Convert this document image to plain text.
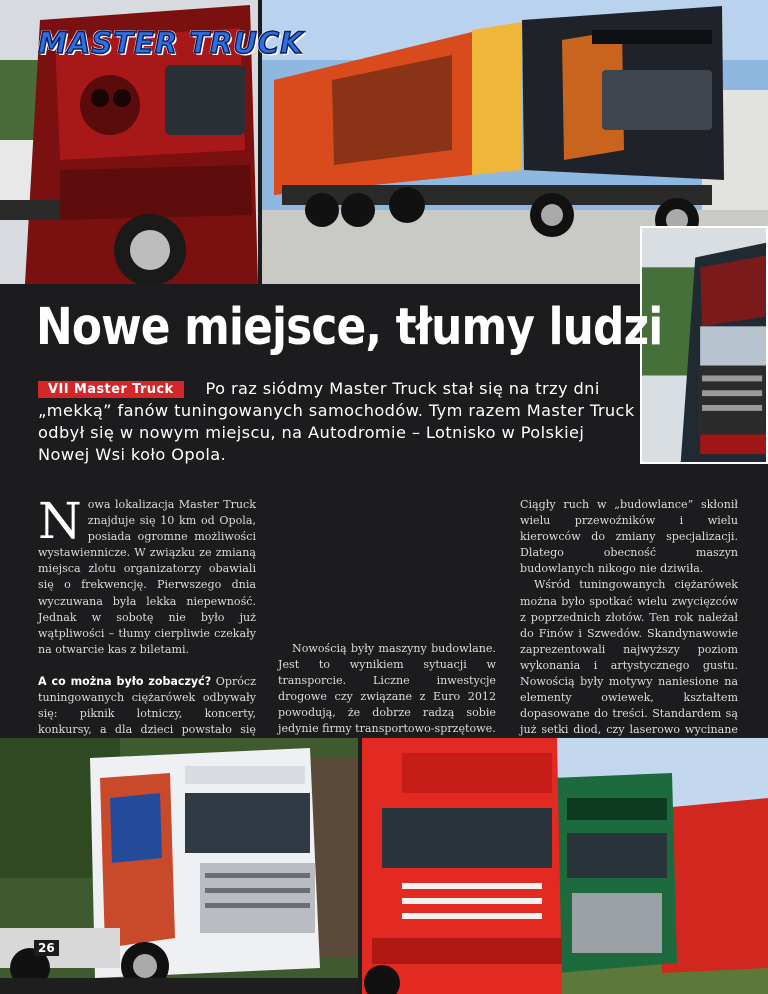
MASTER TRUCK
Nowe miejsce, tłumy ludzi
VII Master Truck Po raz siódmy Master Truck stał się na trzy dni „mekką” fanów tuningowanych samochodów. Tym razem Master Truck odbył się w nowym miejscu, na Autodromie – Lotnisko w Polskiej Nowej Wsi koło Opola.

Nowa lokalizacja Master Truck znajduje się 10 km od Opola, posiada ogromne możliwości wystawienniczе. W związku ze zmianą miejsca zlotu organizatorzy obawiali się o frekwencję. Pierwszego dnia wyczuwana była lekka niepewność. Jednak w sobotę nie było już wątpliwości – tłumy cierpliwie czekały na otwarcie kas z biletami.

A co można było zobaczyć? Oprócz tuningowanych ciężarówek odbywały się: piknik lotniczy, koncerty, konkursy, a dla dzieci powstało się

Ciągły ruch w „budowlance” skłonił wielu przewoźników i wielu kierowców do zmiany specjalizacji. Dlatego obecność maszyn budowlanych nikogo nie dziwiła.

Wśród tuningowanych ciężarówek można było spotkać wielu zwycięzców z poprzednich złotów. Ten rok należał do Finów i Szwedów. Skandynawowie zaprezentowali najwyższy poziom wykonania i artystycznego gustu. Nowością były motywy naniesione na elementy owiewek, kształtem dopasowane do treści. Standardem są już setki diod, czy laserowo wycinane

Nowością były maszyny budowlane. Jest to wynikiem sytuacji w transporcie. Liczne inwestycje drogowe czy związane z Euro 2012 powodują, że dobrze radzą sobie jedynie firmy transportowo-sprzętowe.

26
